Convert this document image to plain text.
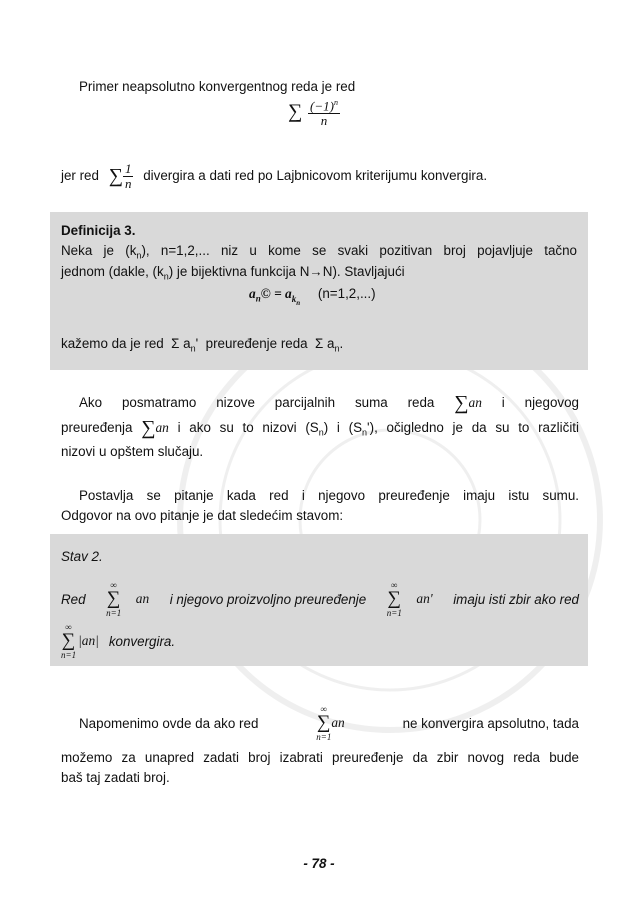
Primer neapsolutno konvergentnog reda je red
∑ $\frac{(-1)^n}{n}$
jer red ∑ $\frac{1}{n}$ divergira a dati red po Lajbnicovom kriterijumu konvergira.
Definicija 3.
Neka je $(k_n)$, n=1,2,... niz u kome se svaki pozitivan broj pojavljuje tačno
jednom (dakle, $(k_n)$ je bijektivna funkcija N→N). Stavljajući
$a_n© = a_{k_n}$ (n=1,2,...)
kažemo da je red  Σ $a_n'$  preuređenje reda  Σ $a_n$.
Ako posmatramo nizove parcijalnih suma reda ∑an i njegovog
preuređenja ∑an i ako su to nizovi $(S_n)$ i $(S_n')$, očigledno je da su to različiti
nizovi u opštem slučaju.
Postavlja se pitanje kada red i njegovo preuređenje imaju istu sumu.
Odgovor na ovo pitanje je dat sledećim stavom:
Stav 2.
Red
∞
∑
n=1
an i njegovo proizvoljno preuređenje
∞
∑
n=1
an' imaju isti zbir ako red
∞
∑
n=1
|an| konvergira.
Napomenimo ovde da ako red
∞
∑
n=1
an	ne konvergira apsolutno, tada
možemo za unapred zadati broj izabrati preuređenje da zbir novog reda bude
baš taj zadati broj.
- 78 -
